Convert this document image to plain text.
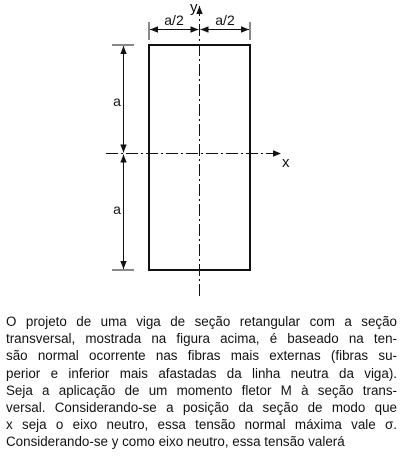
y
x
a/2 a/2
a
a
O projeto de uma viga de seção retangular com a seção
transversal, mostrada na figura acima, é baseado na ten-
são normal ocorrente nas fibras mais externas (fibras su-
perior e inferior mais afastadas da linha neutra da viga).
Seja a aplicação de um momento fletor M à seção trans-
versal. Considerando-se a posição da seção de modo que
x seja o eixo neutro, essa tensão normal máxima vale σ.
Considerando-se y como eixo neutro, essa tensão valerá
